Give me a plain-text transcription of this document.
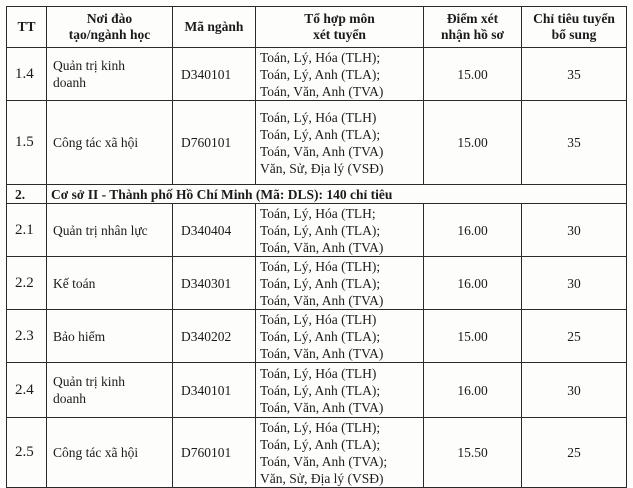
TT	Nơi đào
tạo/ngành học	Mã ngành	Tổ hợp môn
xét tuyển	Điểm xét
nhận hồ sơ	Chỉ tiêu tuyển
bổ sung

1.4	Quản trị kinh
doanh	D340101	Toán, Lý, Hóa (TLH);
Toán, Lý, Anh (TLA);
Toán, Văn, Anh (TVA)	15.00	35
1.5	Công tác xã hội	D760101	Toán, Lý, Hóa (TLH)
Toán, Lý, Anh (TLA);
Toán, Văn, Anh (TVA)
Văn, Sử, Địa lý (VSĐ)	15.00	35
2.	Cơ sở II - Thành phố Hồ Chí Minh (Mã: DLS): 140 chỉ tiêu				
2.1	Quản trị nhân lực	D340404	Toán, Lý, Hóa (TLH;
Toán, Lý, Anh (TLA);
Toán, Văn, Anh (TVA)	16.00	30
2.2	Kế toán	D340301	Toán, Lý, Hóa (TLH);
Toán, Lý, Anh (TLA);
Toán, Văn, Anh (TVA)	16.00	30
2.3	Bảo hiểm	D340202	Toán, Lý, Hóa (TLH)
Toán, Lý, Anh (TLA);
Toán, Văn, Anh (TVA)	15.00	25
2.4	Quản trị kinh
doanh	D340101	Toán, Lý, Hóa (TLH)
Toán, Lý, Anh (TLA);
Toán, Văn, Anh (TVA)	16.00	30
2.5	Công tác xã hội	D760101	Toán, Lý, Hóa (TLH);
Toán, Lý, Anh (TLA);
Toán, Văn, Anh (TVA);
Văn, Sử, Địa lý (VSĐ)	15.50	25
